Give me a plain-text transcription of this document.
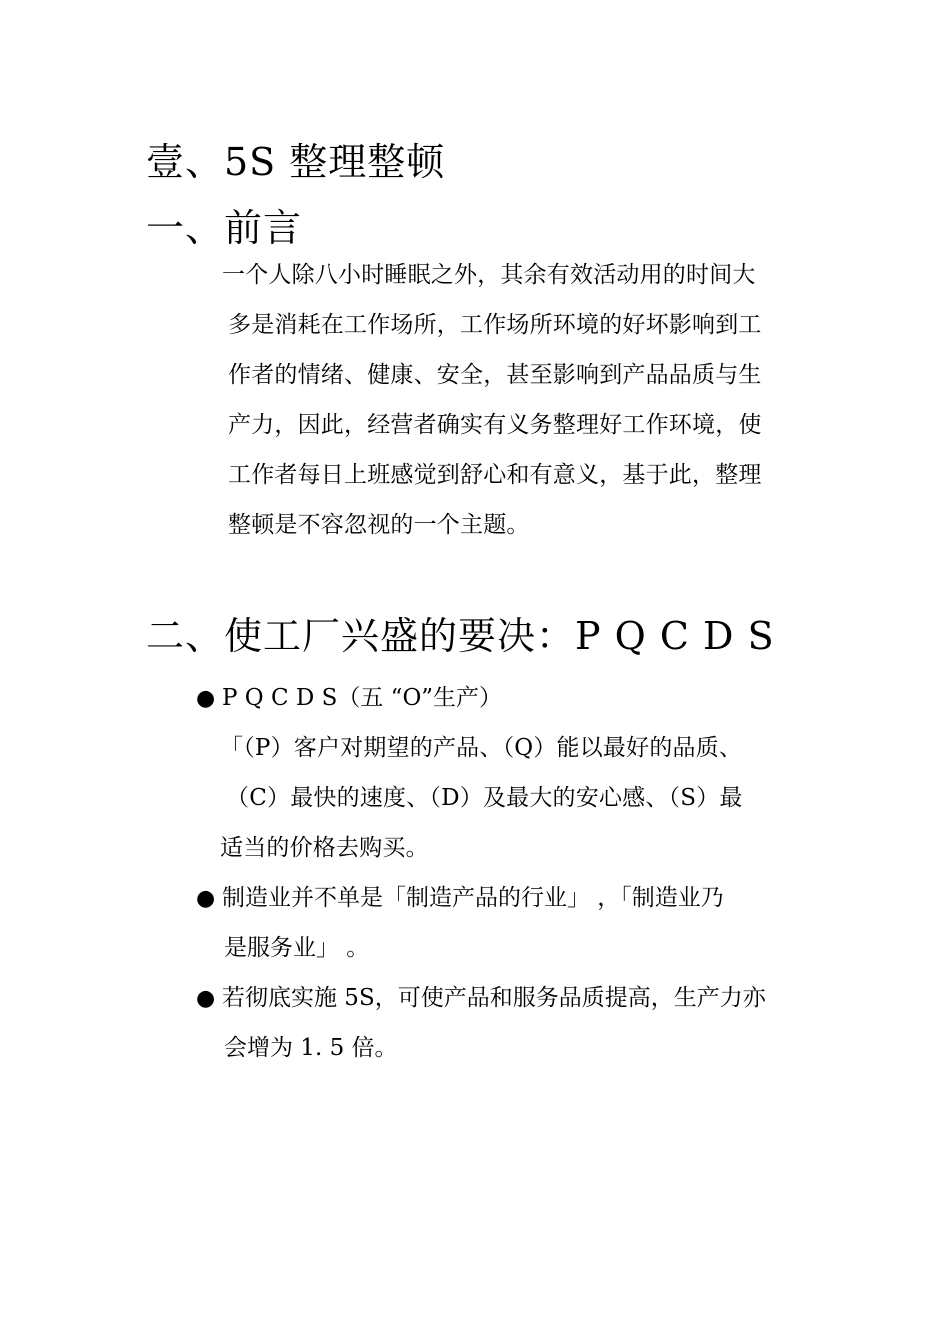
壹、5S 整理整顿
一、前言
一个人除八小时睡眠之外，其余有效活动用的时间大
多是消耗在工作场所，工作场所环境的好坏影响到工
作者的情绪、健康、安全，甚至影响到产品品质与生
产力，因此，经营者确实有义务整理好工作环境，使
工作者每日上班感觉到舒心和有意义，基于此，整理
整顿是不容忽视的一个主题。
二、使工厂兴盛的要决：P Q C D S
● P Q C D S（五 “O”生产）
「（P）客户对期望的产品、（Q）能以最好的品质、
（C）最快的速度、（D）及最大的安心感、（S）最
适当的价格去购买。
● 制造业并不单是「制造产品的行业」 ，「制造业乃
是服务业」 。
● 若彻底实施 5S，可使产品和服务品质提高，生产力亦
会增为 1. 5 倍。
